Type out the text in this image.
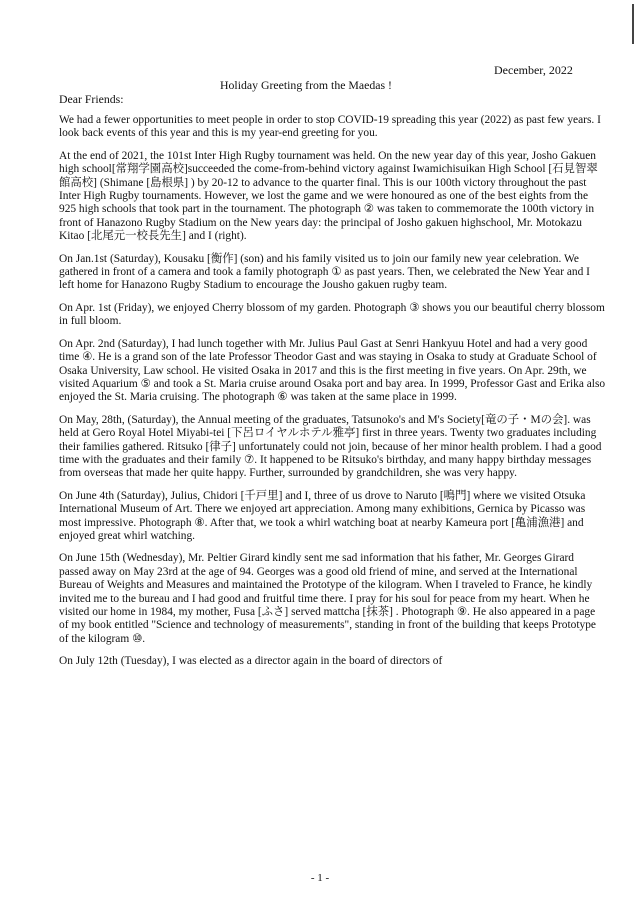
December, 2022
Holiday Greeting from the Maedas !
Dear Friends:

We had a fewer opportunities to meet people in order to stop COVID-19 spreading this year (2022) as past few years. I look back events of this year and this is my year-end greeting for you.

At the end of 2021, the 101st Inter High Rugby tournament was held. On the new year day of this year, Josho Gakuen high school[常翔学園高校]succeeded the come-from-behind victory against Iwamichisuikan High School [石見智翠館高校] (Shimane [島根県] ) by 20-12 to advance to the quarter final. This is our 100th victory throughout the past Inter High Rugby tournaments. However, we lost the game and we were honoured as one of the best eights from the 925 high schools that took part in the tournament. The photograph ② was taken to commemorate the 100th victory in front of Hanazono Rugby Stadium on the New years day: the principal of Josho gakuen highschool, Mr. Motokazu Kitao [北尾元一校長先生] and I (right).

On Jan.1st (Saturday), Kousaku [衡作] (son) and his family visited us to join our family new year celebration. We gathered in front of a camera and took a family photograph ① as past years. Then, we celebrated the New Year and I left home for Hanazono Rugby Stadium to encourage the Jousho gakuen rugby team.

On Apr. 1st (Friday), we enjoyed Cherry blossom of my garden. Photograph ③ shows you our beautiful cherry blossom in full bloom.

On Apr. 2nd (Saturday), I had lunch together with Mr. Julius Paul Gast at Senri Hankyuu Hotel and had a very good time ④. He is a grand son of the late Professor Theodor Gast and was staying in Osaka to study at Graduate School of Osaka University, Law school. He visited Osaka in 2017 and this is the first meeting in five years. On Apr. 29th, we visited Aquarium ⑤ and took a St. Maria cruise around Osaka port and bay area. In 1999, Professor Gast and Erika also enjoyed the St. Maria cruising. The photograph ⑥ was taken at the same place in 1999.

On May, 28th, (Saturday), the Annual meeting of the graduates, Tatsunoko's and M's Society[竜の子・Mの会]. was held at Gero Royal Hotel Miyabi-tei [下呂ロイヤルホテル雅亭] first in three years. Twenty two graduates including their families gathered. Ritsuko [律子] unfortunately could not join, because of her minor health problem. I had a good time with the graduates and their family ⑦. It happened to be Ritsuko's birthday, and many happy birthday messages from overseas that made her quite happy. Further, surrounded by grandchildren, she was very happy.

On June 4th (Saturday), Julius, Chidori [千戸里] and I, three of us drove to Naruto [鳴門] where we visited Otsuka International Museum of Art. There we enjoyed art appreciation. Among many exhibitions, Gernica by Picasso was most impressive. Photograph ⑧. After that, we took a whirl watching boat at nearby Kameura port [亀浦漁港] and enjoyed great whirl watching.

On June 15th (Wednesday), Mr. Peltier Girard kindly sent me sad information that his father, Mr. Georges Girard passed away on May 23rd at the age of 94. Georges was a good old friend of mine, and served at the International Bureau of Weights and Measures and maintained the Prototype of the kilogram. When I traveled to France, he kindly invited me to the bureau and I had good and fruitful time there. I pray for his soul for peace from my heart. When he visited our home in 1984, my mother, Fusa [ふさ] served mattcha [抹茶] . Photograph ⑨. He also appeared in a page of my book entitled "Science and technology of measurements", standing in front of the building that keeps Prototype of the kilogram ⑩.

On July 12th (Tuesday), I was elected as a director again in the board of directors of

- 1 -
